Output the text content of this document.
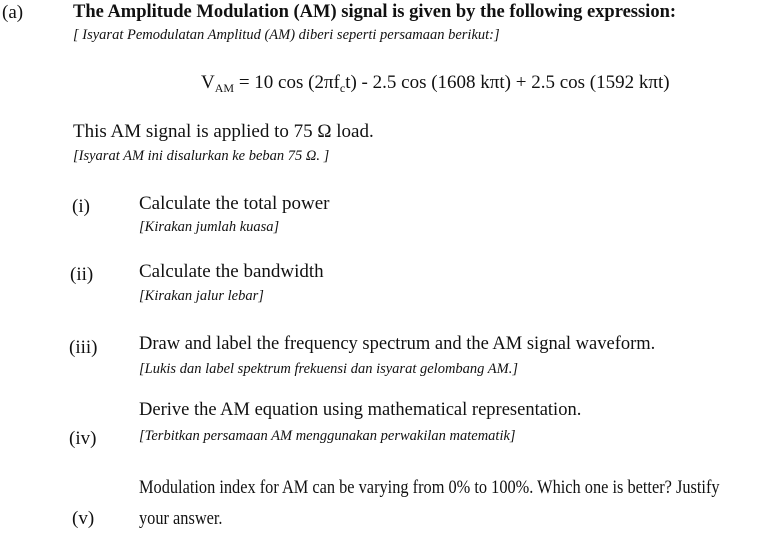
(a)	The Amplitude Modulation (AM) signal is given by the following expression:
[ Isyarat Pemodulatan Amplitud (AM) diberi seperti persamaan berikut:]
$V_{AM} = 10$ $\cos (2\pi f_ct) - 2.5$ cos (1608 kπt) + 2.5 cos (1592 kπt)
This AM signal is applied to 75 Ω load.
[Isyarat AM ini disalurkan ke beban 75 Ω. ]
(i)	Calculate the total power
[Kirakan jumlah kuasa]
(ii) Calculate the bandwidth
[Kirakan jalur lebar]
(iii) Draw and label the frequency spectrum and the AM signal waveform.
[Lukis dan label spektrum frekuensi dan isyarat gelombang AM.]
Derive the AM equation using mathematical representation.
(iv)	[Terbitkan persamaan AM menggunakan perwakilan matematik]
Modulation index for AM can be varying from 0% to 100%. Which one is better? Justify
(v) your answer.
